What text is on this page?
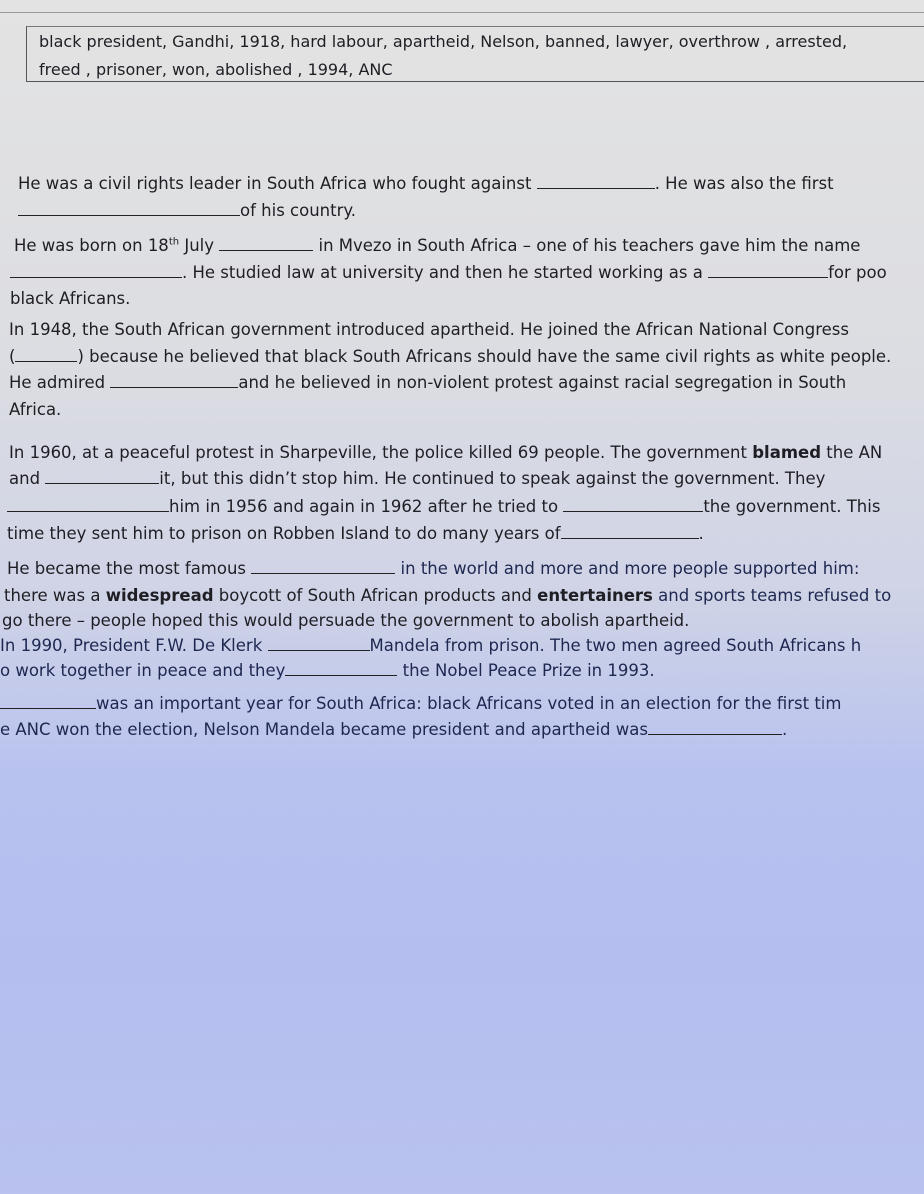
black president, Gandhi, 1918, hard labour, apartheid, Nelson, banned, lawyer, overthrow , arrested,
freed , prisoner, won, abolished , 1994, ANC
He was a civil rights leader in South Africa who fought against	. He was also the first
of his country.
He was born on 18th July	in Mvezo in South Africa – one of his teachers gave him the name
. He studied law at university and then he started working as a	for poo
black Africans.
In 1948, the South African government introduced apartheid. He joined the African National Congress
(	) because he believed that black South Africans should have the same civil rights as white people.
He admired	and he believed in non-violent protest against racial segregation in South
Africa.
In 1960, at a peaceful protest in Sharpeville, the police killed 69 people. The government blamed the AN
and	it, but this didn’t stop him. He continued to speak against the government. They
him in 1956 and again in 1962 after he tried to	the government. This
time they sent him to prison on Robben Island to do many years of	.
He became the most famous	in the world and more and more people supported him:
there was a widespread boycott of South African products and entertainers and sports teams refused to
go there – people hoped this would persuade the government to abolish apartheid.
In 1990, President F.W. De Klerk	Mandela from prison. The two men agreed South Africans h
o work together in peace and they	the Nobel Peace Prize in 1993.
was an important year for South Africa: black Africans voted in an election for the first tim
e ANC won the election, Nelson Mandela became president and apartheid was	.
